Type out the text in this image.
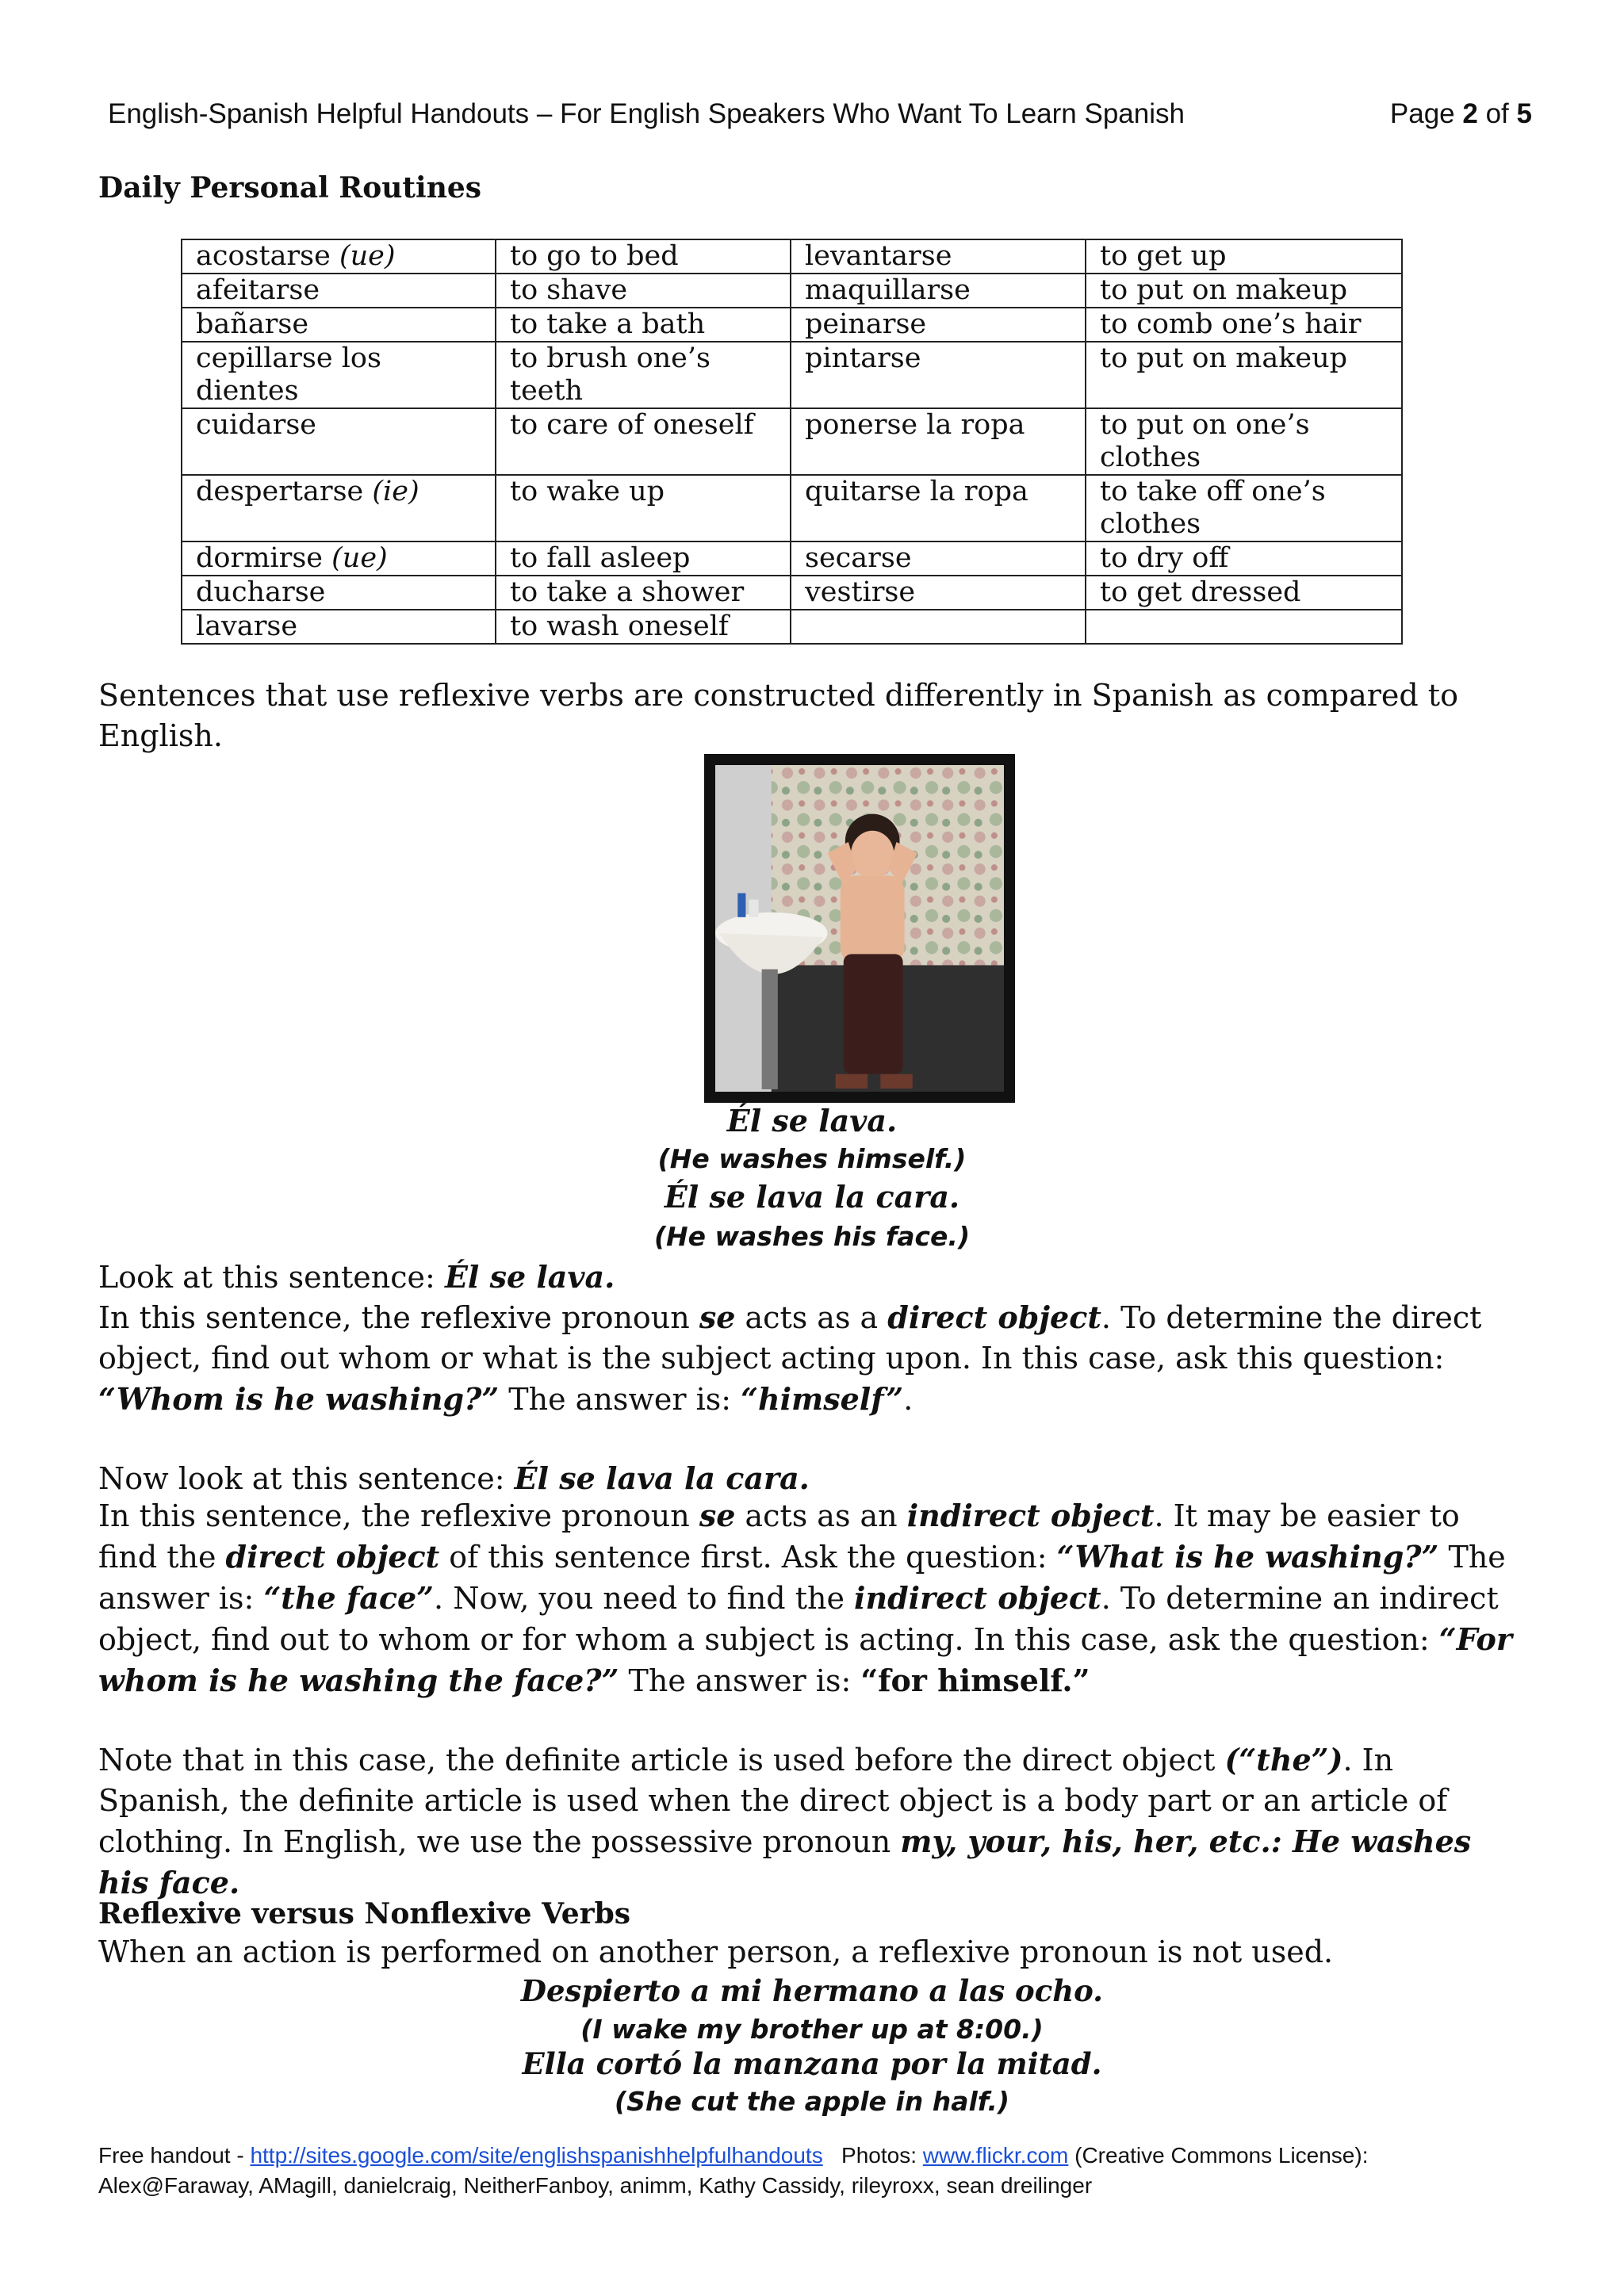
English-Spanish Helpful Handouts – For English Speakers Who Want To Learn Spanish	Page 2 of 5
Daily Personal Routines
acostarse (ue)	to go to bed	levantarse	to get up
afeitarse	to shave	maquillarse	to put on makeup
bañarse	to take a bath	peinarse	to comb one’s hair
cepillarse los dientes	to brush one’s teeth	pintarse	to put on makeup
cuidarse	to care of oneself	ponerse la ropa	to put on one’s clothes
despertarse (ie)	to wake up	quitarse la ropa	to take off one’s clothes
dormirse (ue)	to fall asleep	secarse	to dry off
ducharse	to take a shower	vestirse	to get dressed
lavarse	to wash oneself		
Sentences that use reflexive verbs are constructed differently in Spanish as compared to English.
Él se lava.
(He washes himself.)
Él se lava la cara.
(He washes his face.)
Look at this sentence: Él se lava.
In this sentence, the reflexive pronoun se acts as a direct object. To determine the direct object, find out whom or what is the subject acting upon. In this case, ask this question: “Whom is he washing?” The answer is: “himself”.
Now look at this sentence: Él se lava la cara.
In this sentence, the reflexive pronoun se acts as an indirect object. It may be easier to find the direct object of this sentence first. Ask the question: “What is he washing?” The answer is: “the face”. Now, you need to find the indirect object. To determine an indirect object, find out to whom or for whom a subject is acting. In this case, ask the question: “For whom is he washing the face?” The answer is: “for himself.”
Note that in this case, the definite article is used before the direct object (“the”). In Spanish, the definite article is used when the direct object is a body part or an article of clothing. In English, we use the possessive pronoun my, your, his, her, etc.: He washes his face.
Reflexive versus Nonflexive Verbs
When an action is performed on another person, a reflexive pronoun is not used.
Despierto a mi hermano a las ocho.
(I wake my brother up at 8:00.)
Ella cortó la manzana por la mitad.
(She cut the apple in half.)
Free handout - http://sites.google.com/site/englishspanishhelpfulhandouts   Photos: www.flickr.com (Creative Commons License):
Alex@Faraway, AMagill, danielcraig, NeitherFanboy, animm, Kathy Cassidy, rileyroxx, sean dreilinger
